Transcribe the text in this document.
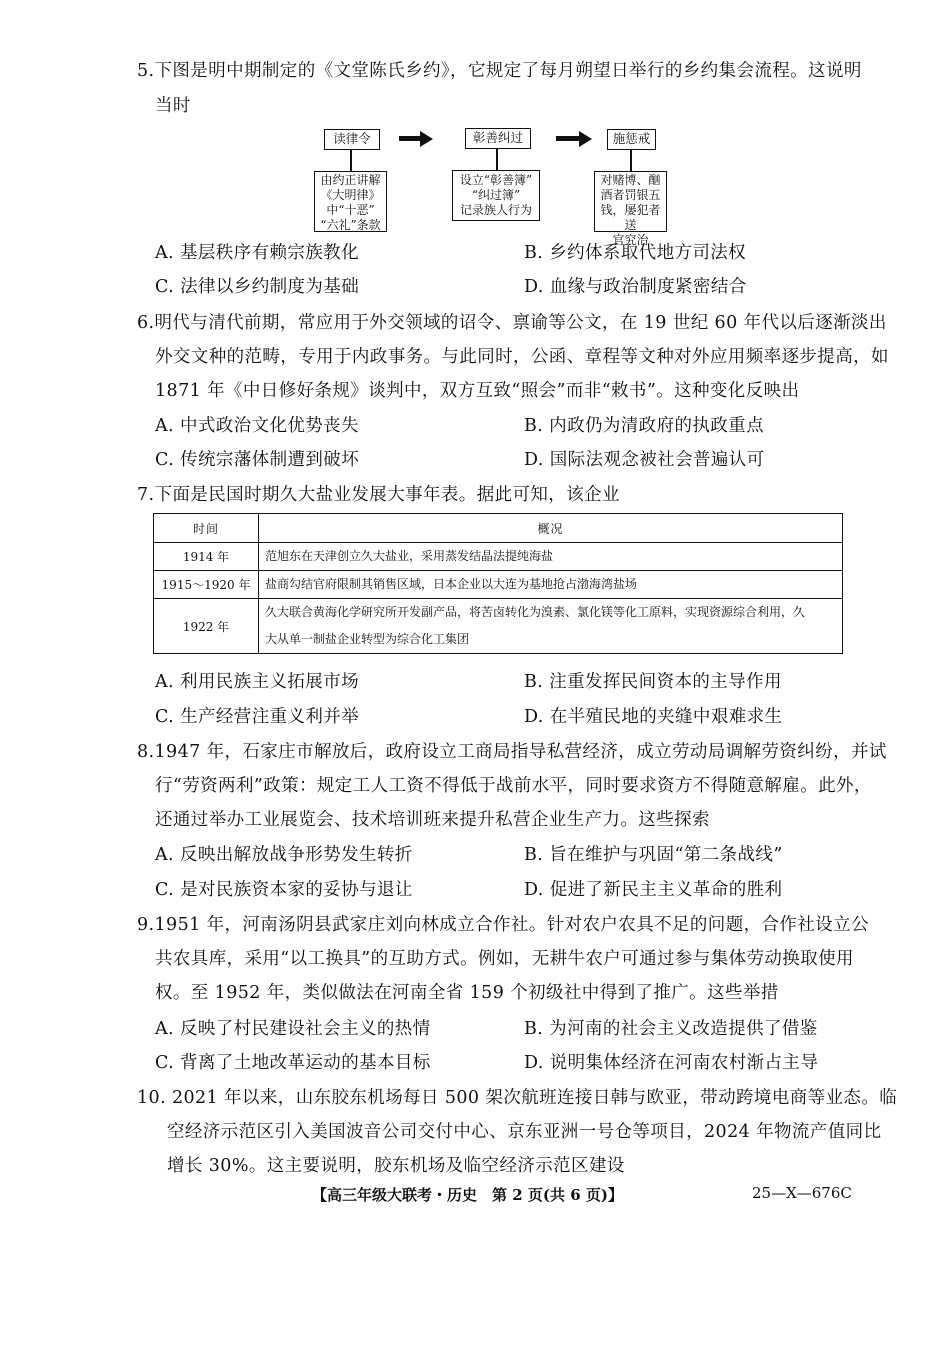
5.下图是明中期制定的《文堂陈氏乡约》，它规定了每月朔望日举行的乡约集会流程。这说明
当时
读律令	彰善纠过	施惩戒
由约正讲解
《大明律》
中“十恶”
“六礼”条款
设立“彰善簿”
“纠过簿”
记录族人行为
对赌博、酗
酒者罚银五
钱，屡犯者送
官究治
A. 基层秩序有赖宗族教化	B. 乡约体系取代地方司法权
C. 法律以乡约制度为基础	D. 血缘与政治制度紧密结合
6.明代与清代前期，常应用于外交领域的诏令、禀谕等公文，在 19 世纪 60 年代以后逐渐淡出
外交文种的范畴，专用于内政事务。与此同时，公函、章程等文种对外应用频率逐步提高，如
1871 年《中日修好条规》谈判中，双方互致“照会”而非“敕书”。这种变化反映出
A. 中式政治文化优势丧失	B. 内政仍为清政府的执政重点
C. 传统宗藩体制遭到破坏	D. 国际法观念被社会普遍认可
7.下面是民国时期久大盐业发展大事年表。据此可知，该企业
时间	概况
1914 年	范旭东在天津创立久大盐业，采用蒸发结晶法提纯海盐
1915～1920 年	盐商勾结官府限制其销售区域，日本企业以大连为基地抢占渤海湾盐场
1922 年	久大联合黄海化学研究所开发副产品，将苦卤转化为溴素、氯化镁等化工原料，实现资源综合利用，久
大从单一制盐企业转型为综合化工集团
A. 利用民族主义拓展市场	B. 注重发挥民间资本的主导作用
C. 生产经营注重义利并举	D. 在半殖民地的夹缝中艰难求生
8.1947 年，石家庄市解放后，政府设立工商局指导私营经济，成立劳动局调解劳资纠纷，并试
行“劳资两利”政策：规定工人工资不得低于战前水平，同时要求资方不得随意解雇。此外，
还通过举办工业展览会、技术培训班来提升私营企业生产力。这些探索
A. 反映出解放战争形势发生转折	B. 旨在维护与巩固“第二条战线”
C. 是对民族资本家的妥协与退让	D. 促进了新民主主义革命的胜利
9.1951 年，河南汤阴县武家庄刘向林成立合作社。针对农户农具不足的问题，合作社设立公
共农具库，采用“以工换具”的互助方式。例如，无耕牛农户可通过参与集体劳动换取使用
权。至 1952 年，类似做法在河南全省 159 个初级社中得到了推广。这些举措
A. 反映了村民建设社会主义的热情	B. 为河南的社会主义改造提供了借鉴
C. 背离了土地改革运动的基本目标	D. 说明集体经济在河南农村渐占主导
10. 2021 年以来，山东胶东机场每日 500 架次航班连接日韩与欧亚，带动跨境电商等业态。临
空经济示范区引入美国波音公司交付中心、京东亚洲一号仓等项目，2024 年物流产值同比
增长 30%。这主要说明，胶东机场及临空经济示范区建设
【高三年级大联考・历史　第 2 页(共 6 页)】	25—X—676C
